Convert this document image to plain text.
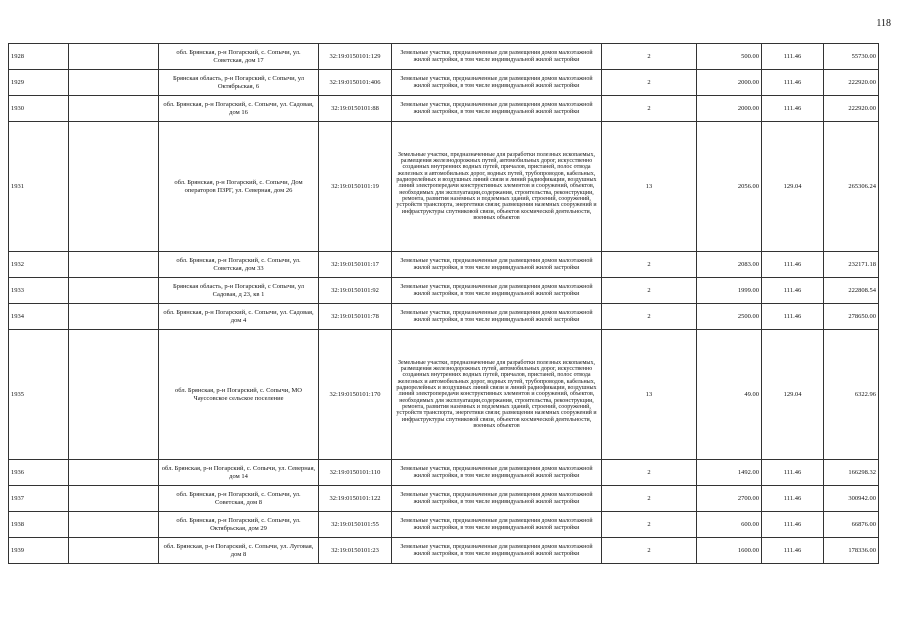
118
1928		обл. Брянская, р-н Погарский, с. Сопычи, ул. Советская, дом 17	32:19:0150101:129	Земельные участки, предназначенные для размещения домов малоэтажной жилой застройки, в том числе индивидуальной жилой застройки	2	500.00	111.46	55730.00
1929		Брянская область, р-н Погарский, с Сопычи, ул Октябрьская, 6	32:19:0150101:406	Земельные участки, предназначенные для размещения домов малоэтажной жилой застройки, в том числе индивидуальной жилой застройки	2	2000.00	111.46	222920.00
1930		обл. Брянская, р-н Погарский, с. Сопычи, ул. Садовая, дом 16	32:19:0150101:88	Земельные участки, предназначенные для размещения домов малоэтажной жилой застройки, в том числе индивидуальной жилой застройки	2	2000.00	111.46	222920.00
1931		обл. Брянская, р-н Погарский, с. Сопычи, Дом операторов ПЗРГ, ул. Северная, дом 26	32:19:0150101:19	Земельные участки, предназначенные для разработки полезных ископаемых, размещения железнодорожных путей, автомобильных дорог, искусственно созданных внутренних водных путей, причалов, пристаней, полос отвода железных и автомобильных дорог, водных путей, трубопроводов, кабельных, радиорелейных и воздушных линий связи и линий радиофикации, воздушных линий электропередачи конструктивных элементов и сооружений, объектов, необходимых для эксплуатации,содержания, строительства, реконструкции, ремонта, развития наземных и подземных зданий, строений, сооружений, устройств транспорта, энергетики связи; размещения наземных сооружений и инфраструктуры спутниковой связи, объектов космической деятельности, военных объектов	13	2056.00	129.04	265306.24
1932		обл. Брянская, р-н Погарский, с. Сопычи, ул. Советская, дом 33	32:19:0150101:17	Земельные участки, предназначенные для размещения домов малоэтажной жилой застройки, в том числе индивидуальной жилой застройки	2	2083.00	111.46	232171.18
1933		Брянская область, р-н Погарский, с Сопычи, ул Садовая, д 23, кв 1	32:19:0150101:92	Земельные участки, предназначенные для размещения домов малоэтажной жилой застройки, в том числе индивидуальной жилой застройки	2	1999.00	111.46	222808.54
1934		обл. Брянская, р-н Погарский, с. Сопычи, ул. Садовая, дом 4	32:19:0150101:78	Земельные участки, предназначенные для размещения домов малоэтажной жилой застройки, в том числе индивидуальной жилой застройки	2	2500.00	111.46	278650.00
1935		обл. Брянская, р-н Погарский, с. Сопычи, МО Чауссовское сельское поселение	32:19:0150101:170	Земельные участки, предназначенные для разработки полезных ископаемых, размещения железнодорожных путей, автомобильных дорог, искусственно созданных внутренних водных путей, причалов, пристаней, полос отвода железных и автомобильных дорог, водных путей, трубопроводов, кабельных, радиорелейных и воздушных линий связи и линий радиофикации, воздушных линий электропередачи конструктивных элементов и сооружений, объектов, необходимых для эксплуатации,содержания, строительства, реконструкции, ремонта, развития наземных и подземных зданий, строений, сооружений, устройств транспорта, энергетики связи; размещения наземных сооружений и инфраструктуры спутниковой связи, объектов космической деятельности, военных объектов	13	49.00	129.04	6322.96
1936		обл. Брянская, р-н Погарский, с. Сопычи, ул. Северная, дом 14	32:19:0150101:110	Земельные участки, предназначенные для размещения домов малоэтажной жилой застройки, в том числе индивидуальной жилой застройки	2	1492.00	111.46	166298.32
1937		обл. Брянская, р-н Погарский, с. Сопычи, ул. Советская, дом 8	32:19:0150101:122	Земельные участки, предназначенные для размещения домов малоэтажной жилой застройки, в том числе индивидуальной жилой застройки	2	2700.00	111.46	300942.00
1938		обл. Брянская, р-н Погарский, с. Сопычи, ул. Октябрьская, дом 29	32:19:0150101:55	Земельные участки, предназначенные для размещения домов малоэтажной жилой застройки, в том числе индивидуальной жилой застройки	2	600.00	111.46	66876.00
1939		обл. Брянская, р-н Погарский, с. Сопычи, ул. Луговая, дом 8	32:19:0150101:23	Земельные участки, предназначенные для размещения домов малоэтажной жилой застройки, в том числе индивидуальной жилой застройки	2	1600.00	111.46	178336.00
